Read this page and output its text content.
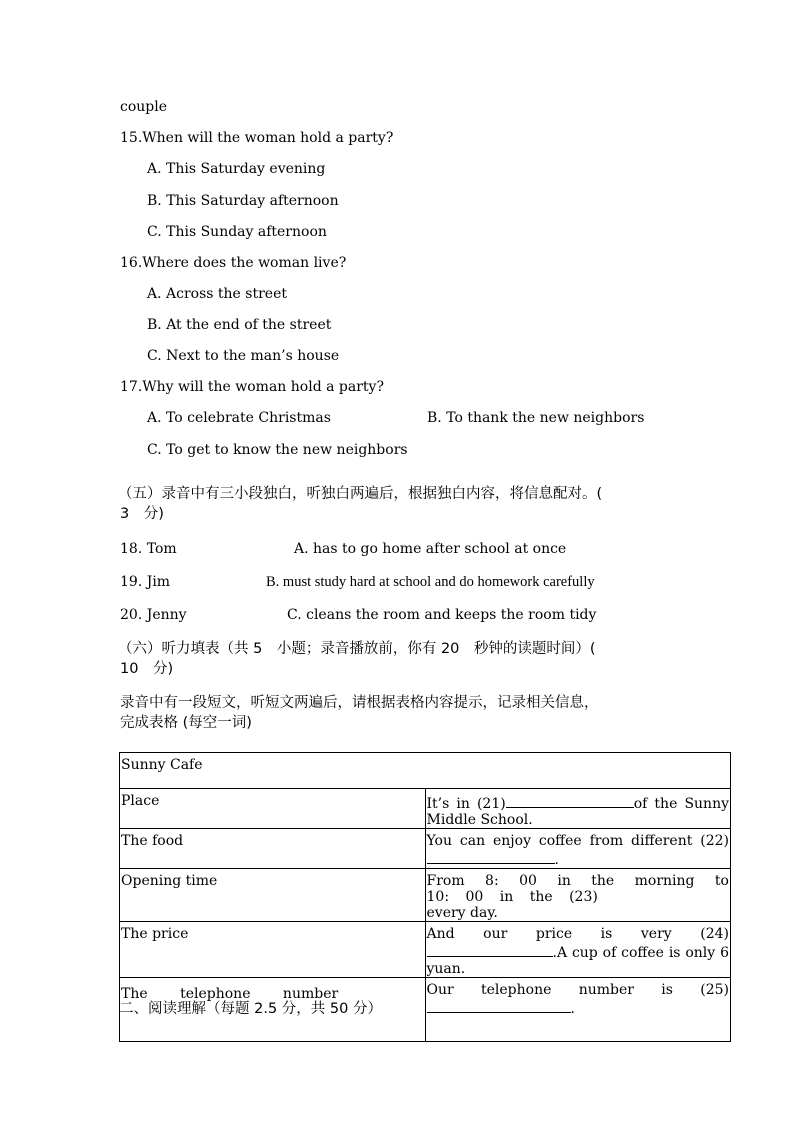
couple
15.When will the woman hold a party?
A. This Saturday evening
B. This Saturday afternoon
C. This Sunday afternoon
16.Where does the woman live?
A. Across the street
B. At the end of the street
C. Next to the man’s house
17.Why will the woman hold a party?
A. To celebrate Christmas	B. To thank the new neighbors
C. To get to know the new neighbors
（五）录音中有三小段独白，听独白两遍后，根据独白内容，将信息配对。(
3　分)
18. Tom	A. has to go home after school at once
19. Jim	B. must study hard at school and do homework carefully
20. Jenny	C. cleans the room and keeps the room tidy
（六）听力填表（共 5　小题；录音播放前，你有 20　秒钟的读题时间）(
10　分)
录音中有一段短文，听短文两遍后，请根据表格内容提示，记录相关信息，
完成表格 (每空一词)
Sunny Cafe	
Place	It’s in (21) of the Sunny Middle School.
The food	You can enjoy coffee from different (22) .
Opening time	From 8: 00 in the morning to 10: 00 in the (23)
every day.
The price	And our price is very (24) .A cup of coffee is only 6 yuan.
The telephone number	Our telephone number is (25) .
二、阅读理解（每题 2.5 分，共 50 分）
